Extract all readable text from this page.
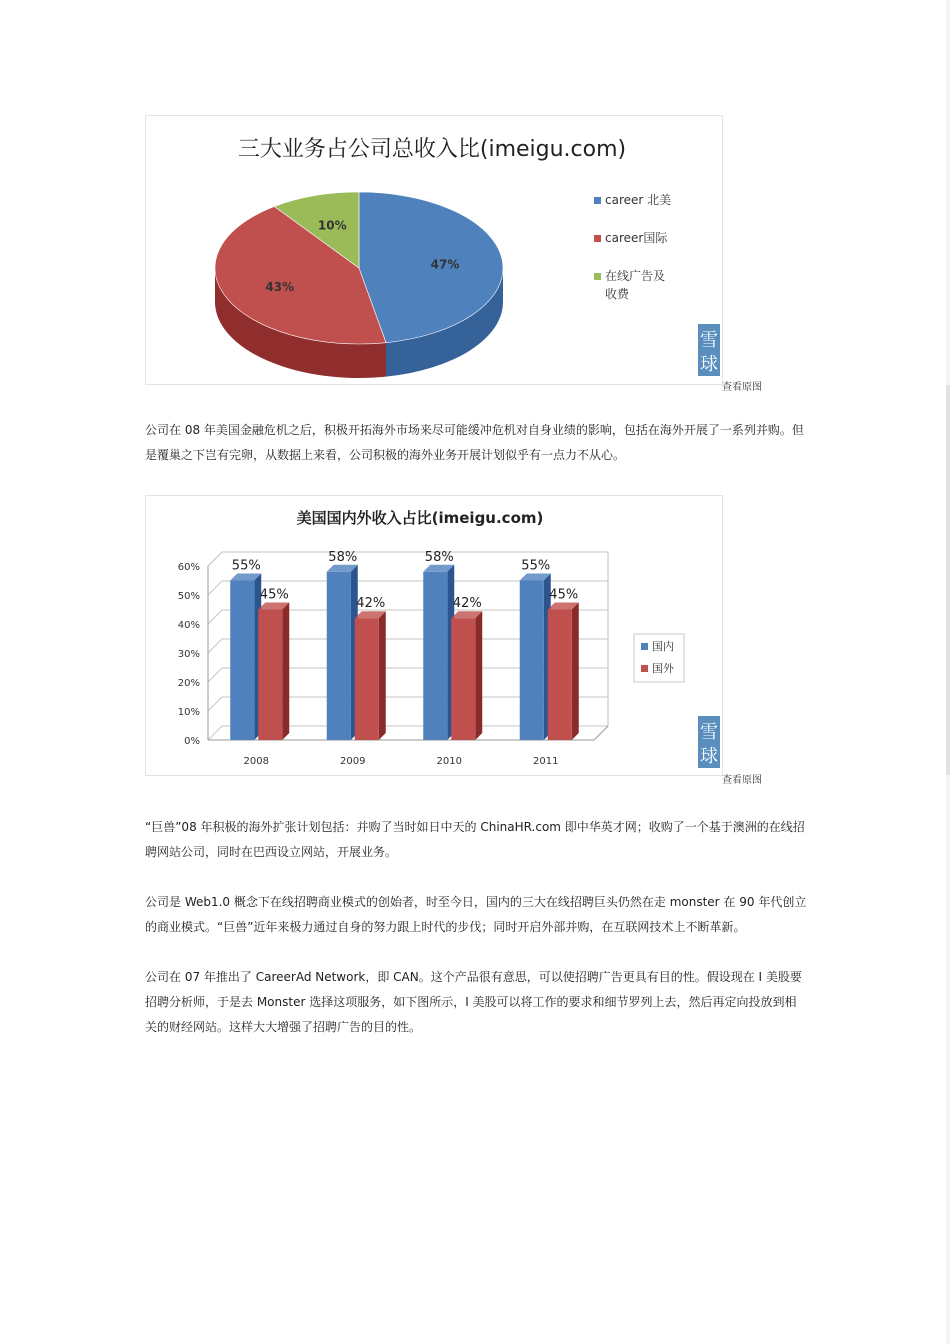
三大业务占公司总收入比(imeigu.com)
47%
43%
10%
career 北美
career国际
在线广告及
收费
雪
球
查看原图

公司在 08 年美国金融危机之后，积极开拓海外市场来尽可能缓冲危机对自身业绩的影响，包括在海外开展了一系列并购。但是覆巢之下岂有完卵，从数据上来看，公司积极的海外业务开展计划似乎有一点力不从心。

美国国内外收入占比(imeigu.com)
0%
10%
20%
30%
40%
50%
60%
2008
55%
45%
2009
58%
42%
2010
58%
42%
2011
55%
45%
国内
国外
雪
球
查看原图

“巨兽”08 年积极的海外扩张计划包括：并购了当时如日中天的 ChinaHR.com 即中华英才网；收购了一个基于澳洲的在线招聘网站公司，同时在巴西设立网站，开展业务。

公司是 Web1.0 概念下在线招聘商业模式的创始者，时至今日，国内的三大在线招聘巨头仍然在走 monster 在 90 年代创立的商业模式。“巨兽”近年来极力通过自身的努力跟上时代的步伐；同时开启外部并购，在互联网技术上不断革新。

公司在 07 年推出了 CareerAd Network，即 CAN。这个产品很有意思，可以使招聘广告更具有目的性。假设现在 I 美股要招聘分析师，于是去 Monster 选择这项服务，如下图所示，I 美股可以将工作的要求和细节罗列上去，然后再定向投放到相关的财经网站。这样大大增强了招聘广告的目的性。
